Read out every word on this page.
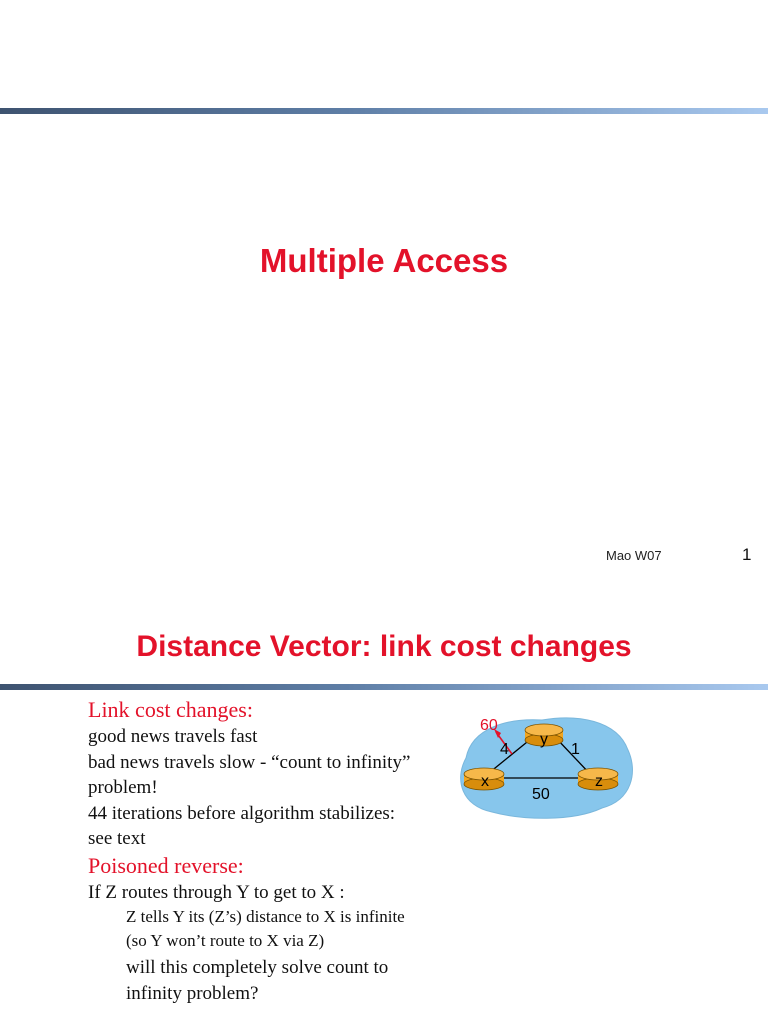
Multiple Access
Mao W07	1
Distance Vector: link cost changes
Link cost changes:
good news travels fast
bad news travels slow - “count to infinity” problem!
44 iterations before algorithm stabilizes: see text
Poisoned reverse:
If Z routes through Y to get to X :
Z tells Y its (Z’s) distance to X is infinite (so Y won’t route to X via Z)
will this completely solve count to infinity problem?
y
x	z
60
4	1
50
